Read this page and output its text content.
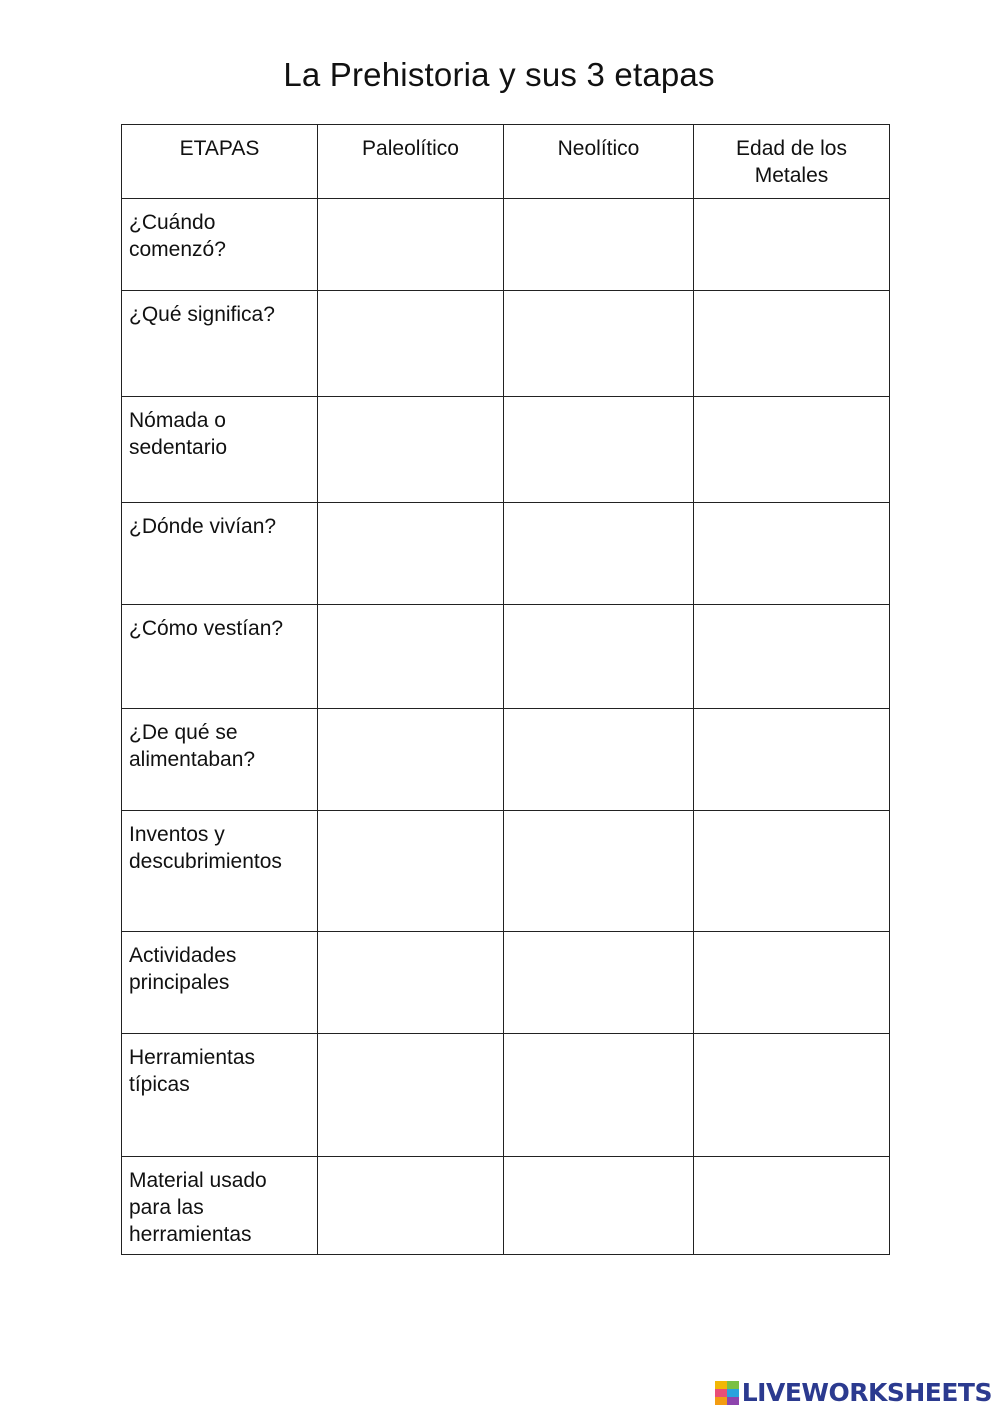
La Prehistoria y sus 3 etapas
ETAPAS	Paleolítico	Neolítico	Edad de los Metales
¿Cuándo comenzó?			
¿Qué significa?			
Nómada o sedentario			
¿Dónde vivían?			
¿Cómo vestían?			
¿De qué se alimentaban?			
Inventos y descubrimientos			
Actividades principales			
Herramientas típicas			
Material usado para las herramientas			
LIVEWORKSHEETS
